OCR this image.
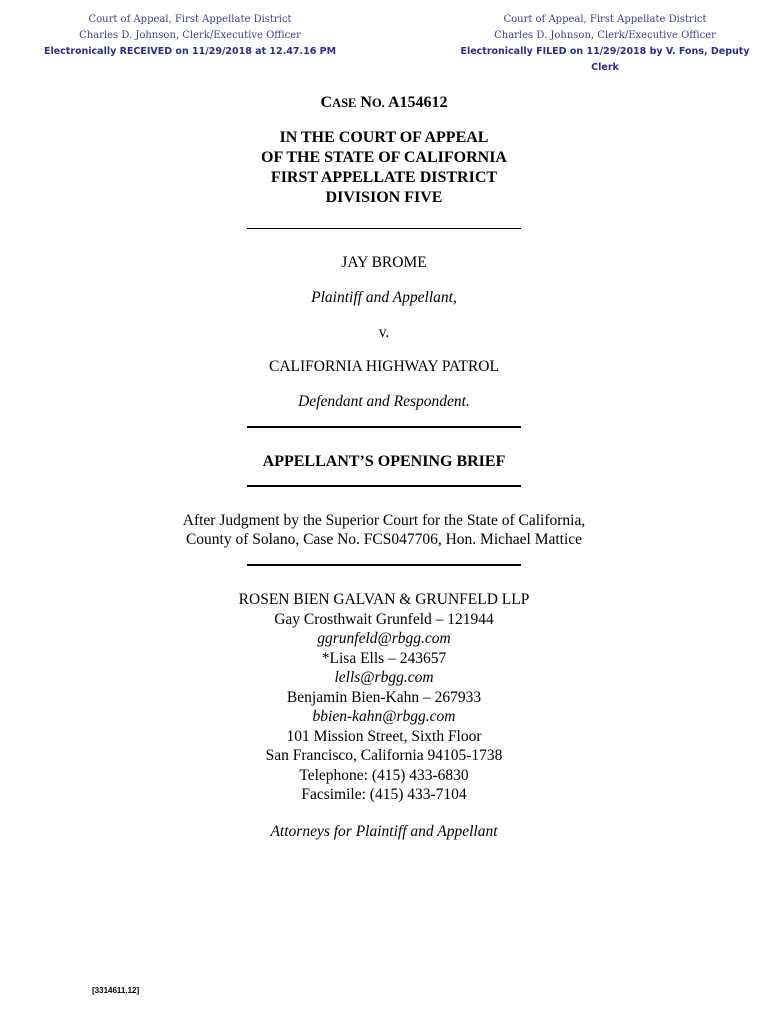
Court of Appeal, First Appellate District
Charles D. Johnson, Clerk/Executive Officer
Electronically RECEIVED on 11/29/2018 at 12.47.16 PM
Court of Appeal, First Appellate District
Charles D. Johnson, Clerk/Executive Officer
Electronically FILED on 11/29/2018 by V. Fons, Deputy Clerk
CASE NO. A154612
IN THE COURT OF APPEAL
OF THE STATE OF CALIFORNIA
FIRST APPELLATE DISTRICT
DIVISION FIVE
JAY BROME
Plaintiff and Appellant,
v.
CALIFORNIA HIGHWAY PATROL
Defendant and Respondent.
APPELLANT’S OPENING BRIEF
After Judgment by the Superior Court for the State of California,
County of Solano, Case No. FCS047706, Hon. Michael Mattice
ROSEN BIEN GALVAN & GRUNFELD LLP
Gay Crosthwait Grunfeld – 121944
ggrunfeld@rbgg.com
*Lisa Ells – 243657
lells@rbgg.com
Benjamin Bien-Kahn – 267933
bbien-kahn@rbgg.com
101 Mission Street, Sixth Floor
San Francisco, California 94105-1738
Telephone: (415) 433-6830
Facsimile: (415) 433-7104
Attorneys for Plaintiff and Appellant
[3314611.12]
